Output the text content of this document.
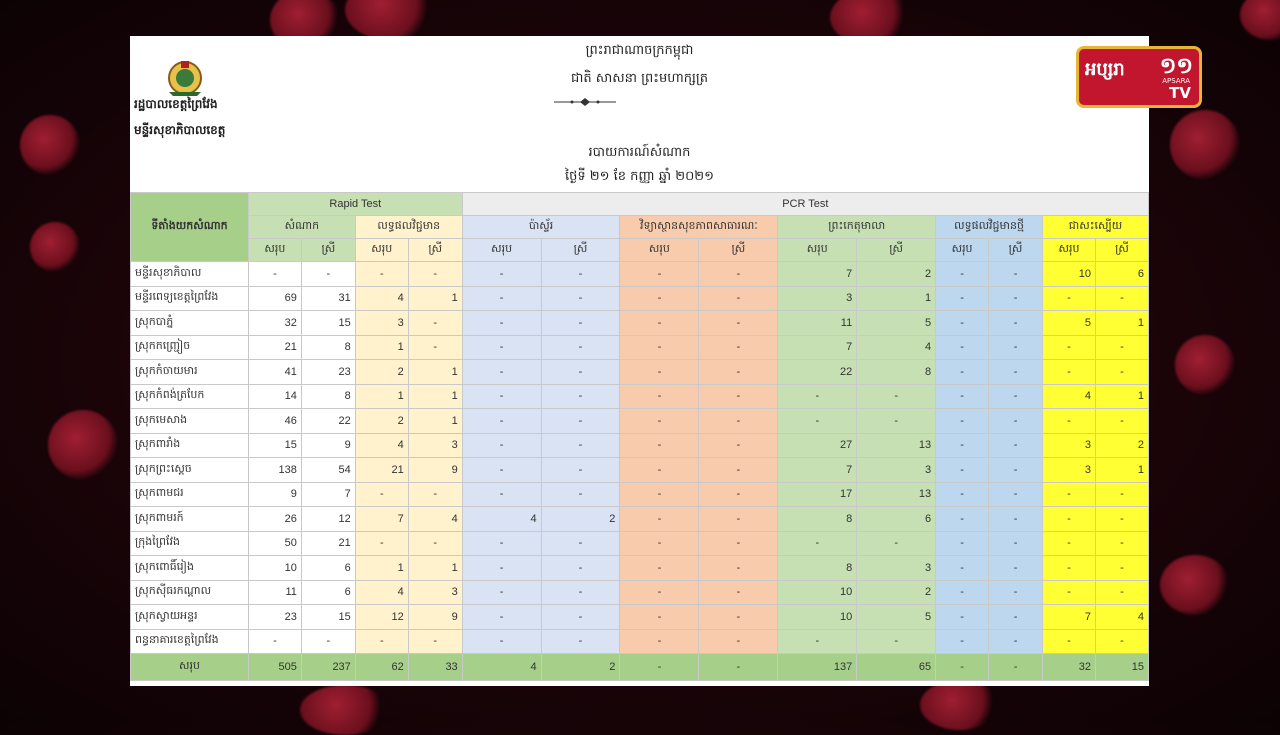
រដ្ឋបាលខេត្តព្រៃវែង
មន្ទីរសុខាភិបាលខេត្ត
ព្រះរាជាណាចក្រកម្ពុជា
ជាតិ សាសនា ព្រះមហាក្សត្រ
របាយការណ៍សំណាក
ថ្ងៃទី ២១ ខែ កញ្ញា ឆ្នាំ ២០២១
ទីតាំងយកសំណាក	Rapid Test				PCR Test									
	សំណាក		លទ្ធផលវិជ្ជមាន		ប៉ាស្ទ័រ		វិទ្យាស្ថានសុខភាពសាធារណៈ		ព្រះកេតុមាលា		លទ្ធផលវិជ្ជមានថ្មី		ជាសះស្បើយ	
	សរុប	ស្រី	សរុប	ស្រី	សរុប	ស្រី	សរុប	ស្រី	សរុប	ស្រី	សរុប	ស្រី	សរុប	ស្រី
មន្ទីរសុខាភិបាល	-	-	-	-	-	-	-	-	7	2	-	-	10	6
មន្ទីរពេទ្យខេត្តព្រៃវែង	69	31	4	1	-	-	-	-	3	1	-	-	-	-
ស្រុកបាភ្នំ	32	15	3	-	-	-	-	-	11	5	-	-	5	1
ស្រុកកញ្ជ្រៀច	21	8	1	-	-	-	-	-	7	4	-	-	-	-
ស្រុកកំចាយមារ	41	23	2	1	-	-	-	-	22	8	-	-	-	-
ស្រុកកំពង់ត្របែក	14	8	1	1	-	-	-	-	-	-	-	-	4	1
ស្រុកមេសាង	46	22	2	1	-	-	-	-	-	-	-	-	-	-
ស្រុកពារាំង	15	9	4	3	-	-	-	-	27	13	-	-	3	2
ស្រុកព្រះស្ដេច	138	54	21	9	-	-	-	-	7	3	-	-	3	1
ស្រុកពាមជរ	9	7	-	-	-	-	-	-	17	13	-	-	-	-
ស្រុកពាមរក៍	26	12	7	4	4	2	-	-	8	6	-	-	-	-
ក្រុងព្រៃវែង	50	21	-	-	-	-	-	-	-	-	-	-	-	-
ស្រុកពោធិ៍រៀង	10	6	1	1	-	-	-	-	8	3	-	-	-	-
ស្រុកស៊ីធរកណ្ដាល	11	6	4	3	-	-	-	-	10	2	-	-	-	-
ស្រុកស្វាយអន្ទរ	23	15	12	9	-	-	-	-	10	5	-	-	7	4
ពន្ធនាគារខេត្តព្រៃវែង	-	-	-	-	-	-	-	-	-	-	-	-	-	-
សរុប	505	237	62	33	4	2	-	-	137	65	-	-	32	15
អប្សរា ១១
APSARA
TV
